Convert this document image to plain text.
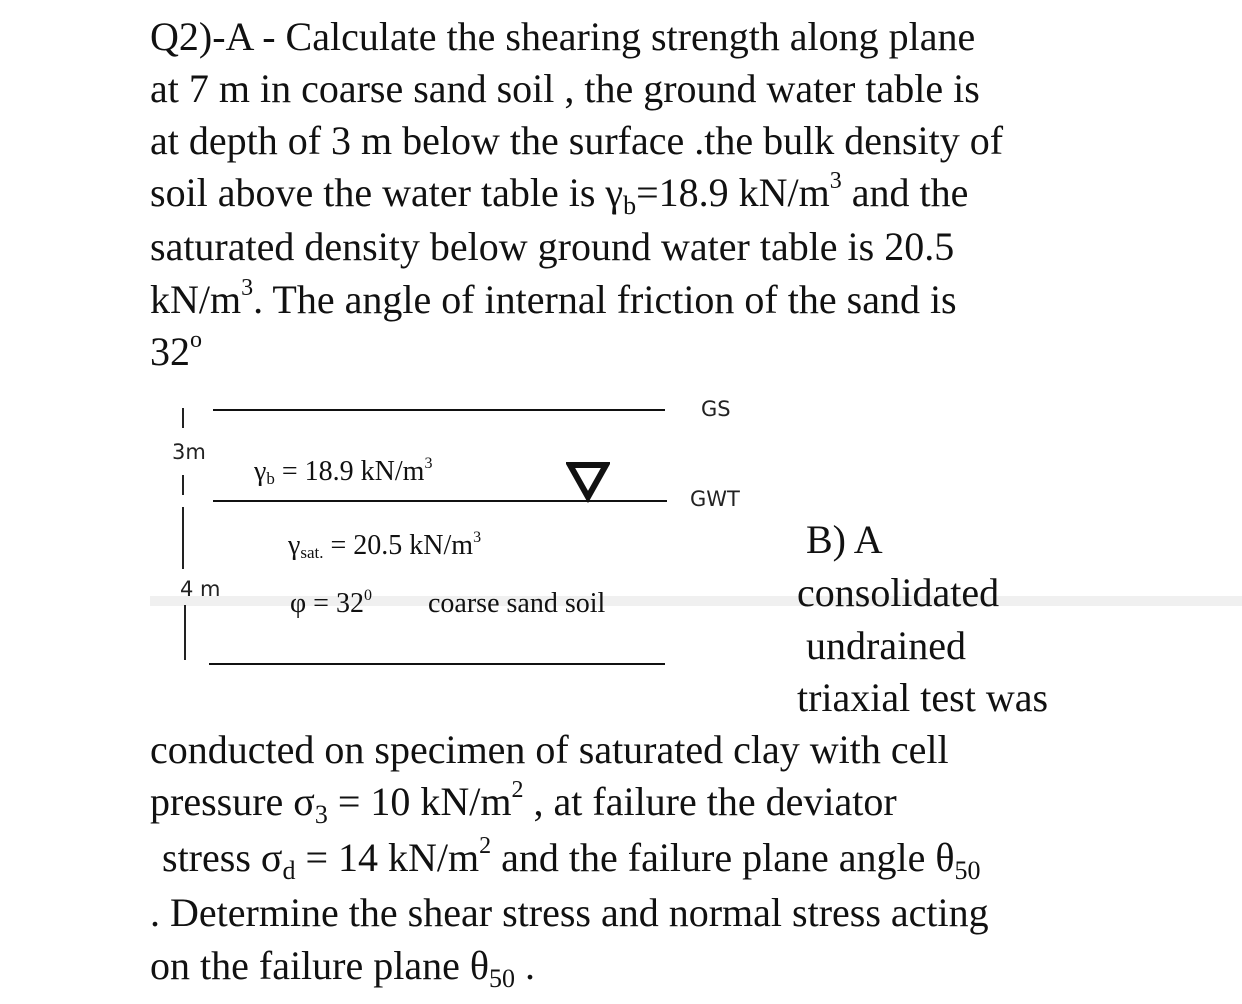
Q2)-A - Calculate the shearing strength along plane
at 7 m in coarse sand soil , the ground water table is
at depth of 3 m below the surface .the bulk density of
soil above the water table is $\gamma_b=18.9$ $kN/m^3$ and the
saturated density below ground water table is 20.5
$kN/m^3$. The angle of internal friction of the sand is
32$^o$
3m
4 m
GS
GWT
$\gamma_b = 18.9$ $kN/m^3$
$\gamma_{sat.} = 20.5$ $kN/m^3$
$\varphi = 32^0$ coarse sand soil
B) A
consolidated
undrained
triaxial test was
conducted on specimen of saturated clay with cell
pressure $\sigma_3 = 10$ $kN/m^2$ , at failure the deviator
stress $\sigma_d = 14$ $kN/m^2$ and the failure plane angle $\theta_{50}$
. Determine the shear stress and normal stress acting
on the failure plane $\theta_{50}$ .
